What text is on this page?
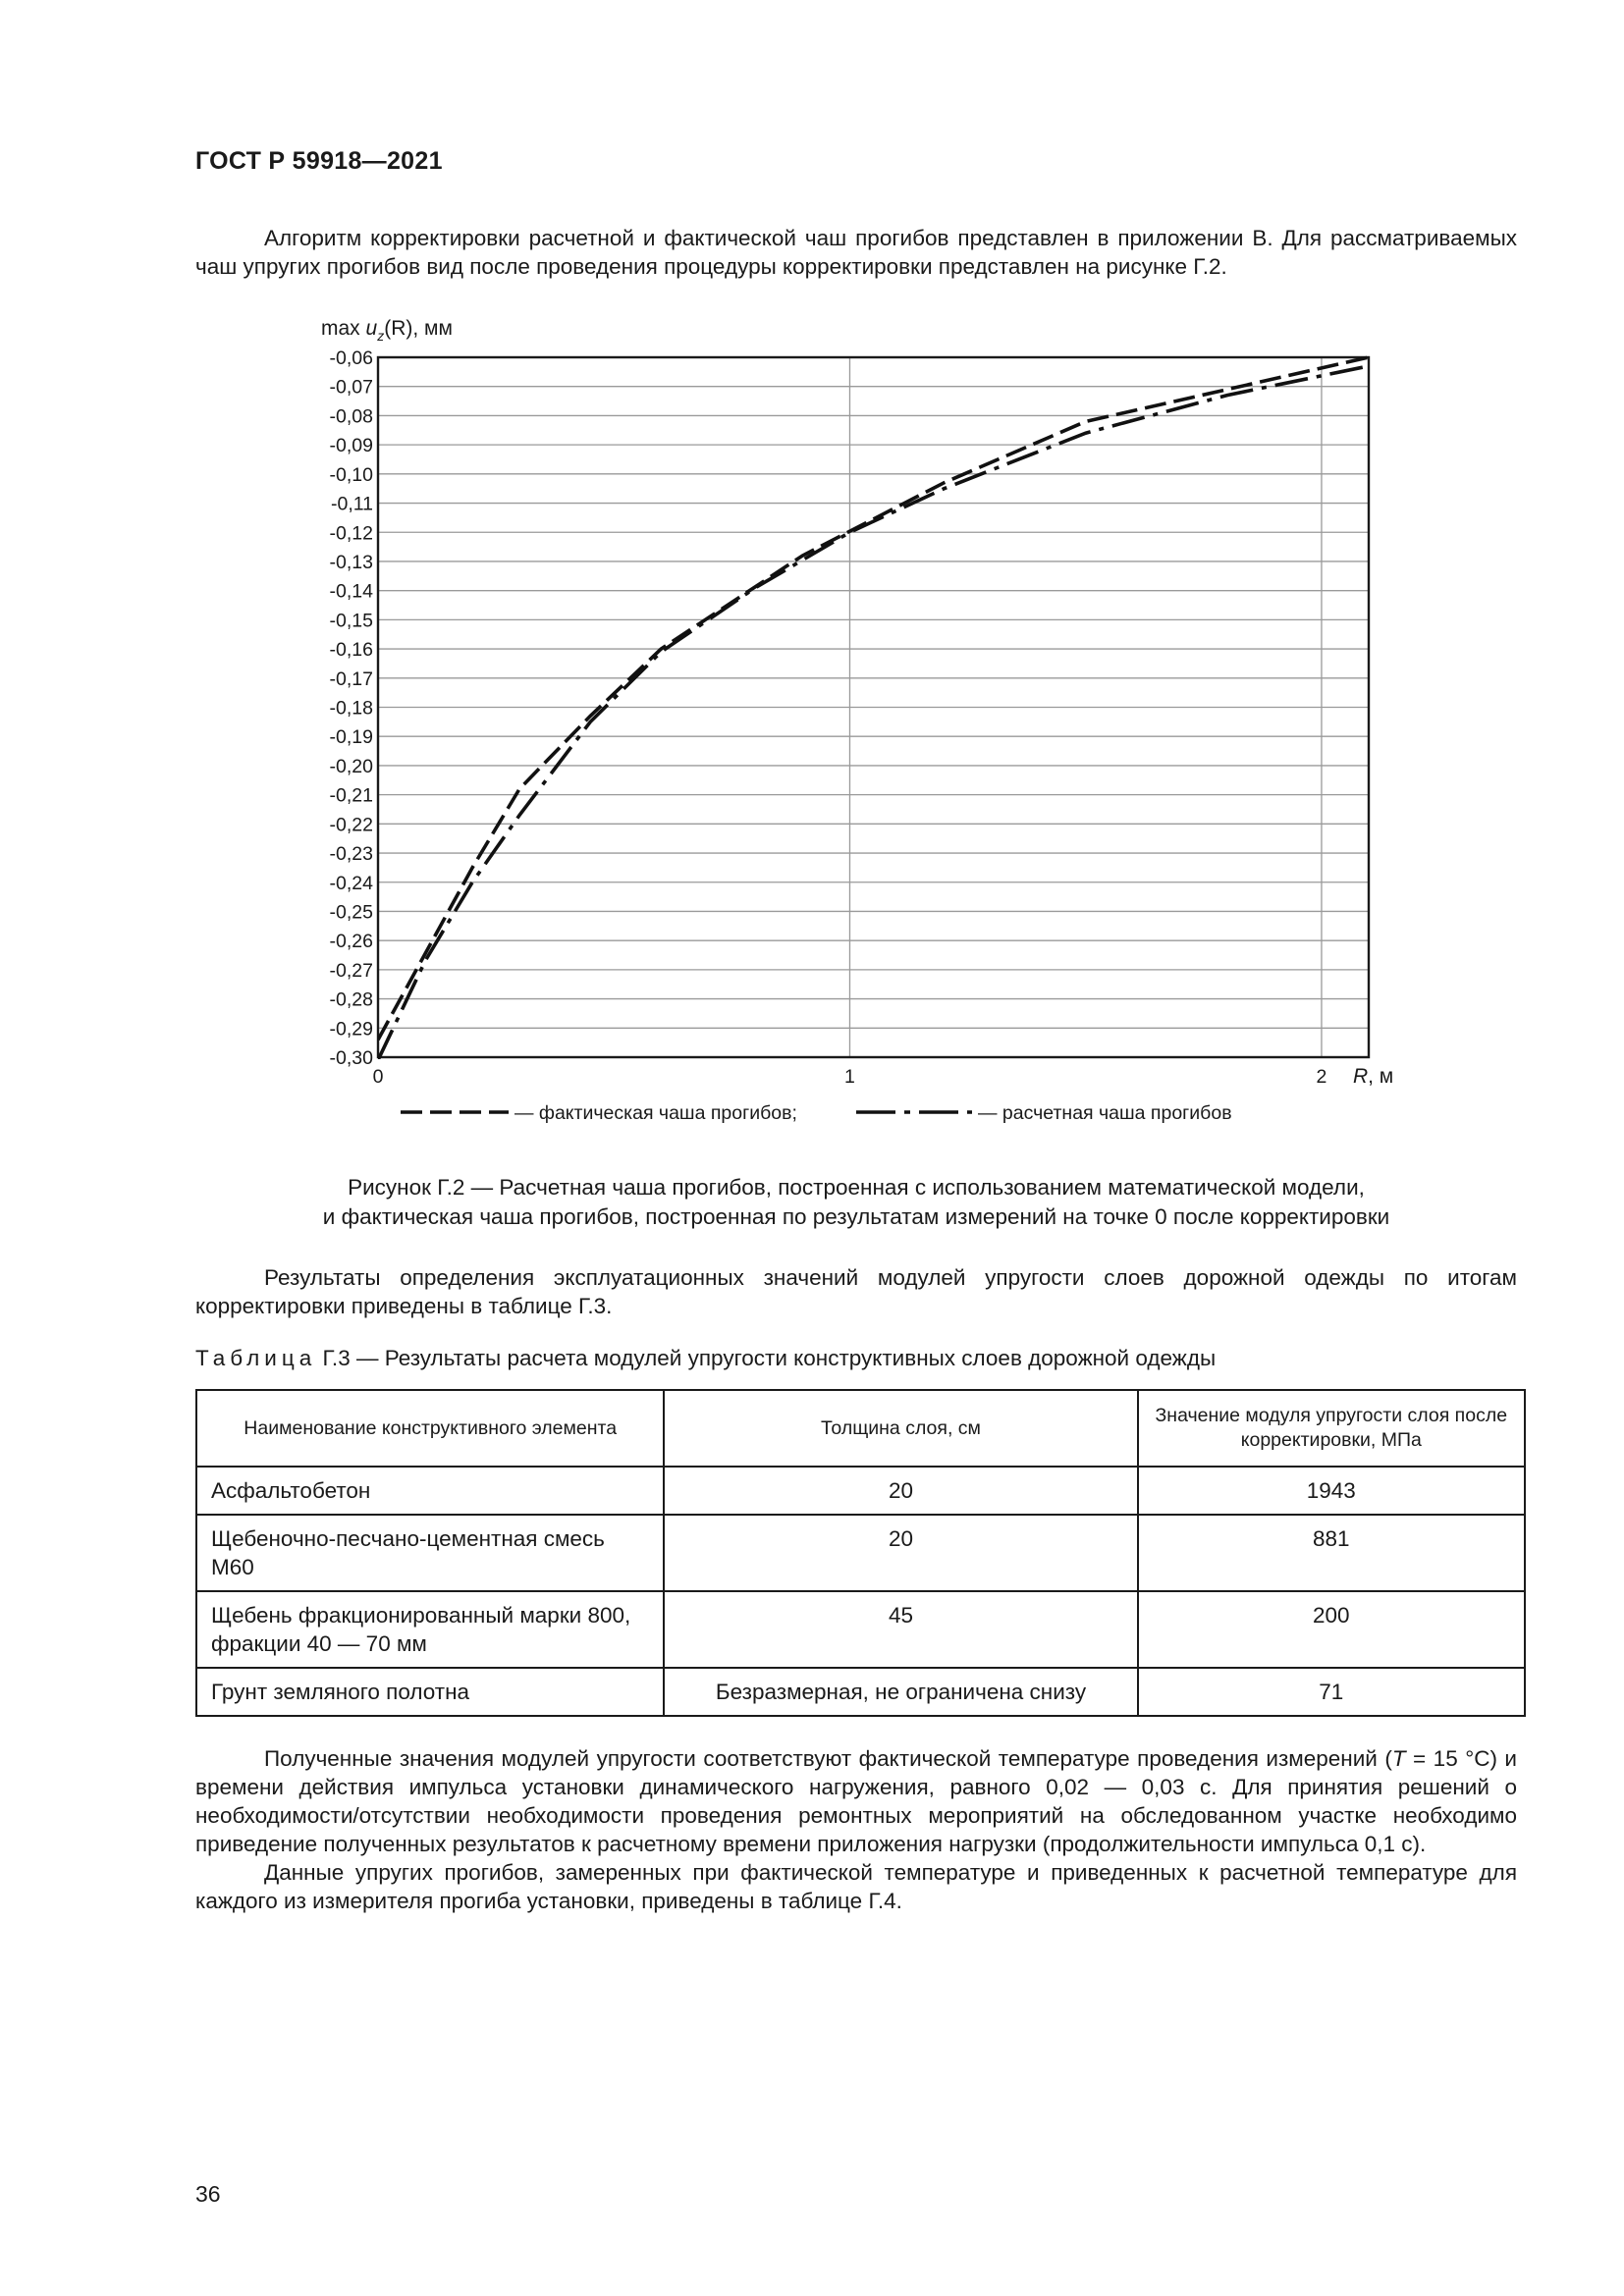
ГОСТ Р 59918—2021

Алгоритм корректировки расчетной и фактической чаш прогибов представлен в приложении В. Для рассматриваемых чаш упругих прогибов вид после проведения процедуры корректировки представлен на рисунке Г.2.

-0,06
-0,07
-0,08
-0,09
-0,10
-0,11
-0,12
-0,13
-0,14
-0,15
-0,16
-0,17
-0,18
-0,19
-0,20
-0,21
-0,22
-0,23
-0,24
-0,25
-0,26
-0,27
-0,28
-0,29
-0,30
0	1	2
$\max u_z(R)$, мм
R, м
— фактическая чаша прогибов;	— расчетная чаша прогибов
Рисунок Г.2 — Расчетная чаша прогибов, построенная с использованием математической модели,
и фактическая чаша прогибов, построенная по результатам измерений на точке 0 после корректировки

Результаты определения эксплуатационных значений модулей упругости слоев дорожной одежды по итогам корректировки приведены в таблице Г.3.

Таблица Г.3 — Результаты расчета модулей упругости конструктивных слоев дорожной одежды
Наименование конструктивного элемента	Толщина слоя, см	Значение модуля упругости слоя после корректировки, МПа
Асфальтобетон	20	1943
Щебеночно-песчано-цементная смесь М60	20	881
Щебень фракционированный марки 800, фракции 40 — 70 мм	45	200
Грунт земляного полотна	Безразмерная, не ограничена снизу	71

Полученные значения модулей упругости соответствуют фактической температуре проведения измерений (T = 15 °С) и времени действия импульса установки динамического нагружения, равного 0,02 — 0,03 с. Для принятия решений о необходимости/отсутствии необходимости проведения ремонтных мероприятий на обследованном участке необходимо приведение полученных результатов к расчетному времени приложения нагрузки (продолжительности импульса 0,1 с).

Данные упругих прогибов, замеренных при фактической температуре и приведенных к расчетной температуре для каждого из измерителя прогиба установки, приведены в таблице Г.4.

36
